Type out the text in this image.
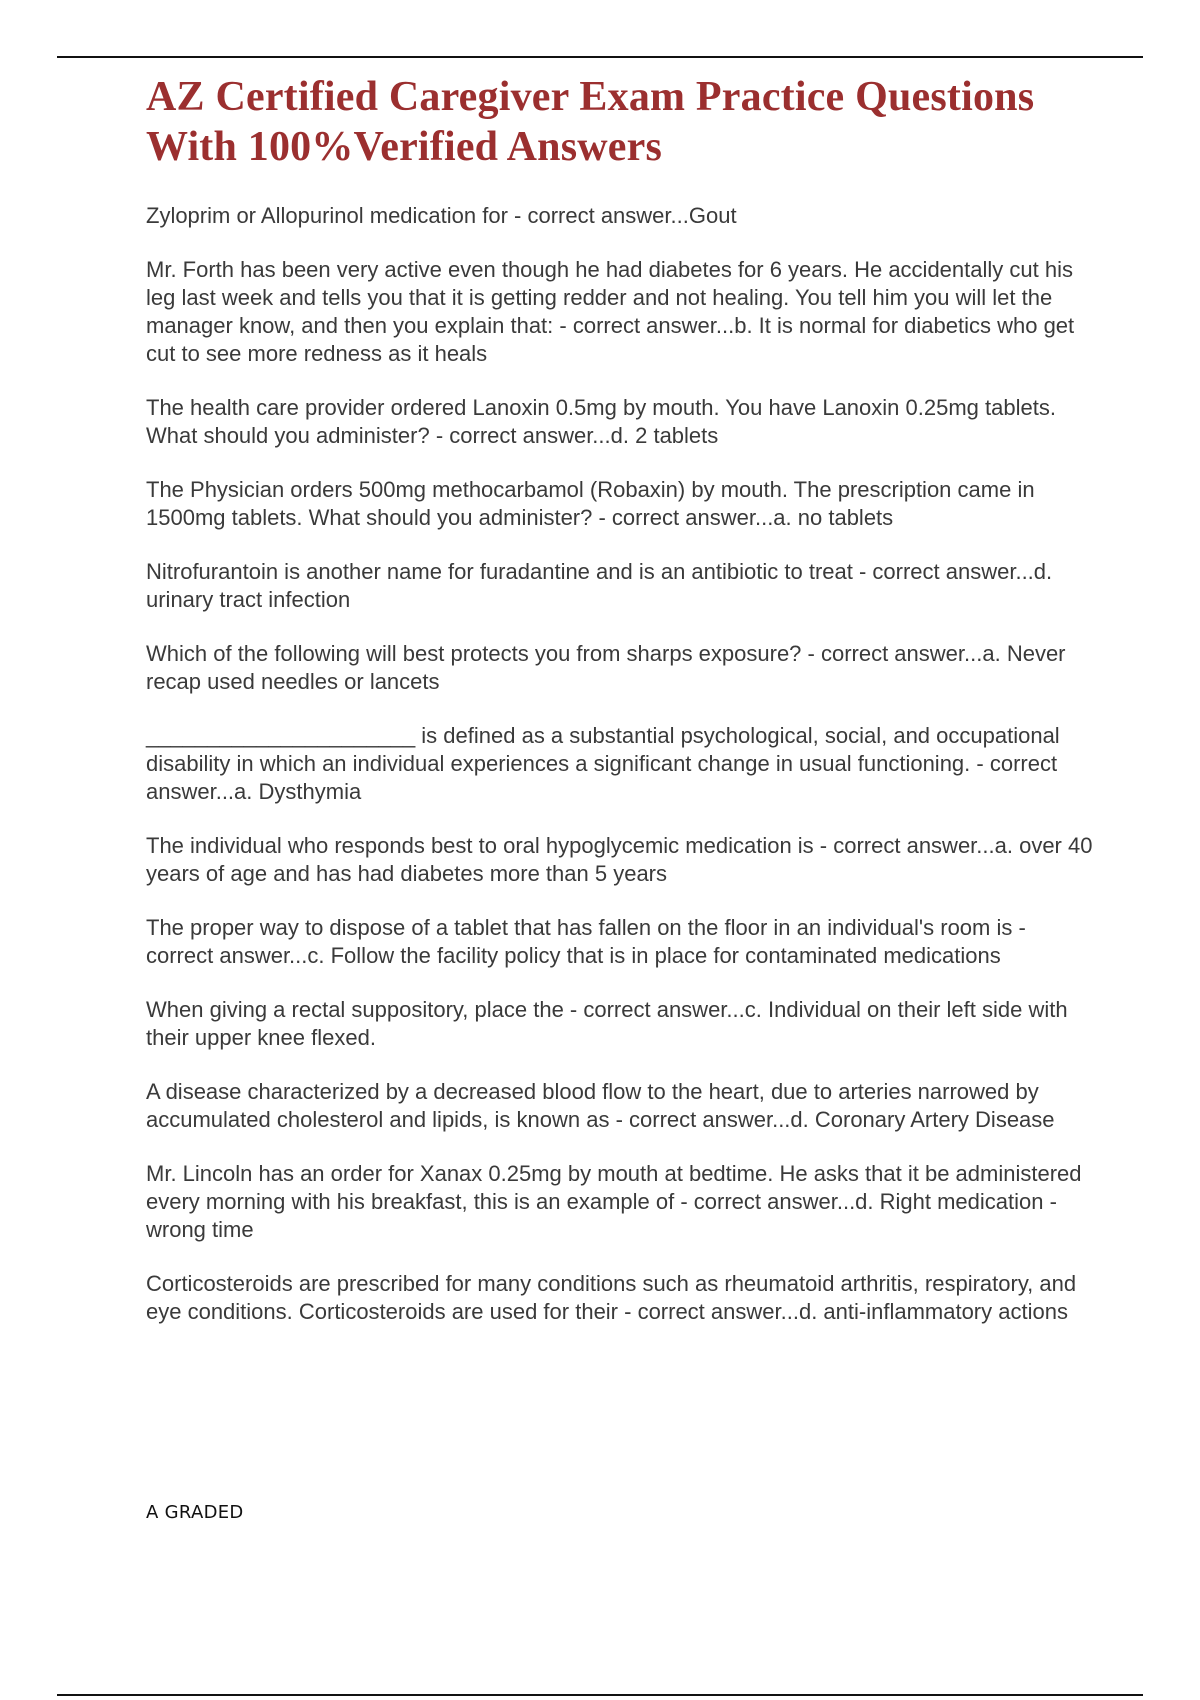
AZ Certified Caregiver Exam Practice Questions With 100%Verified Answers
Zyloprim or Allopurinol medication for - correct answer...Gout
Mr. Forth has been very active even though he had diabetes for 6 years. He accidentally cut his leg last week and tells you that it is getting redder and not healing. You tell him you will let the manager know, and then you explain that: - correct answer...b. It is normal for diabetics who get cut to see more redness as it heals
The health care provider ordered Lanoxin 0.5mg by mouth. You have Lanoxin 0.25mg tablets. What should you administer? - correct answer...d. 2 tablets
The Physician orders 500mg methocarbamol (Robaxin) by mouth. The prescription came in 1500mg tablets. What should you administer? - correct answer...a. no tablets
Nitrofurantoin is another name for furadantine and is an antibiotic to treat - correct answer...d. urinary tract infection
Which of the following will best protects you from sharps exposure? - correct answer...a. Never recap used needles or lancets
______________________ is defined as a substantial psychological, social, and occupational disability in which an individual experiences a significant change in usual functioning. - correct answer...a. Dysthymia
The individual who responds best to oral hypoglycemic medication is - correct answer...a. over 40 years of age and has had diabetes more than 5 years
The proper way to dispose of a tablet that has fallen on the floor in an individual's room is - correct answer...c. Follow the facility policy that is in place for contaminated medications
When giving a rectal suppository, place the - correct answer...c. Individual on their left side with their upper knee flexed.
A disease characterized by a decreased blood flow to the heart, due to arteries narrowed by accumulated cholesterol and lipids, is known as - correct answer...d. Coronary Artery Disease
Mr. Lincoln has an order for Xanax 0.25mg by mouth at bedtime. He asks that it be administered every morning with his breakfast, this is an example of - correct answer...d. Right medication - wrong time
Corticosteroids are prescribed for many conditions such as rheumatoid arthritis, respiratory, and eye conditions. Corticosteroids are used for their - correct answer...d. anti-inflammatory actions
A GRADED
